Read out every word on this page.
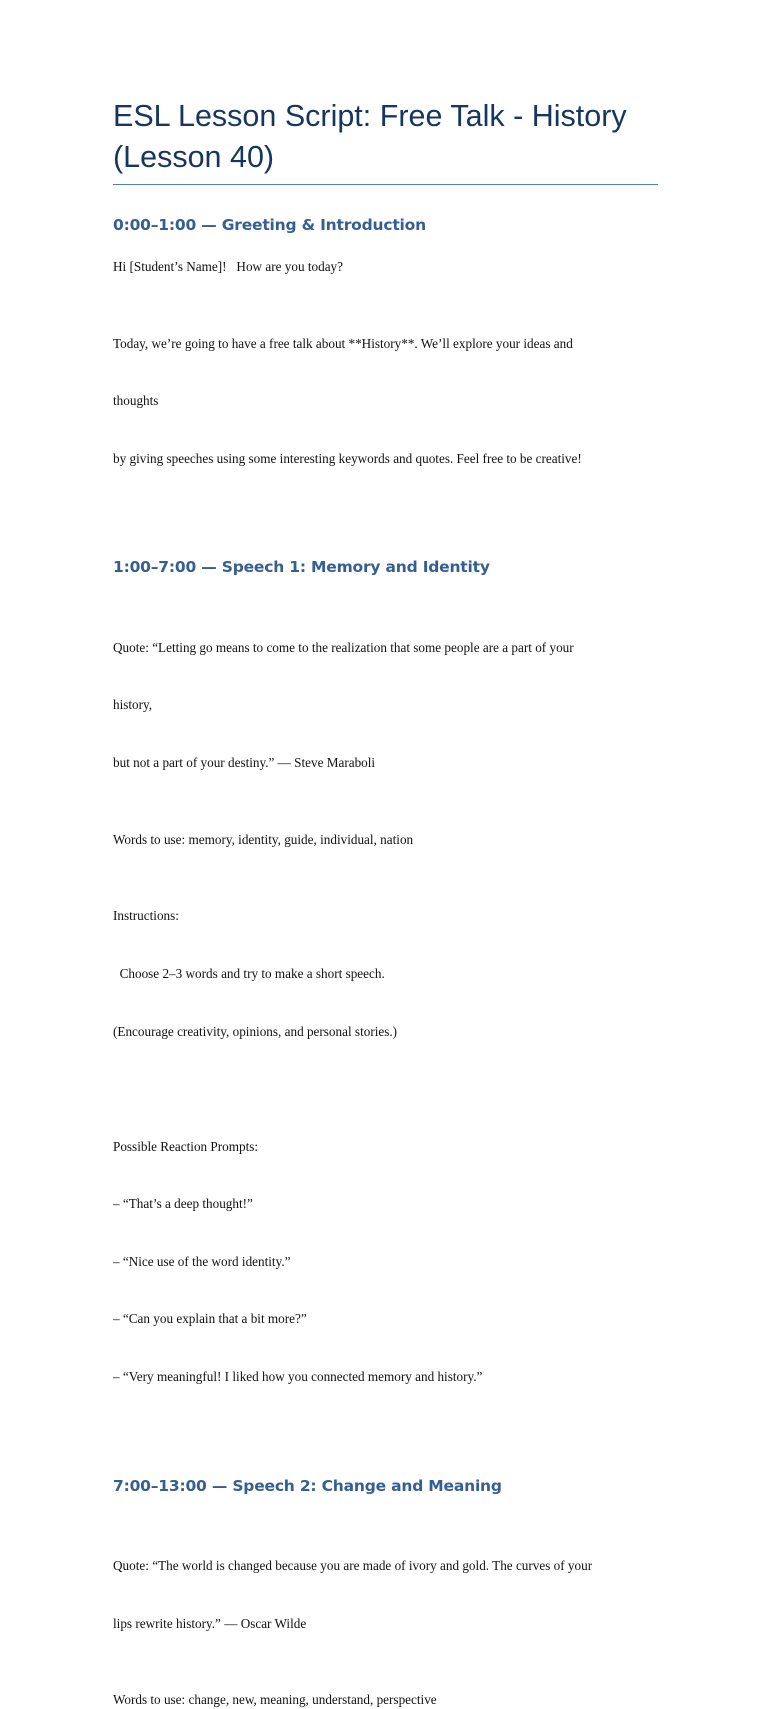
ESL Lesson Script: Free Talk - History (Lesson 40)
0:00–1:00 — Greeting & Introduction

Hi [Student’s Name]!   How are you today?

Today, we’re going to have a free talk about **History**. We’ll explore your ideas and

thoughts

by giving speeches using some interesting keywords and quotes. Feel free to be creative!

1:00–7:00 — Speech 1: Memory and Identity

Quote: “Letting go means to come to the realization that some people are a part of your

history,

but not a part of your destiny.” — Steve Maraboli

Words to use: memory, identity, guide, individual, nation

Instructions:

Choose 2–3 words and try to make a short speech.

(Encourage creativity, opinions, and personal stories.)

Possible Reaction Prompts:

– “That’s a deep thought!”

– “Nice use of the word identity.”

– “Can you explain that a bit more?”

– “Very meaningful! I liked how you connected memory and history.”

7:00–13:00 — Speech 2: Change and Meaning

Quote: “The world is changed because you are made of ivory and gold. The curves of your

lips rewrite history.” — Oscar Wilde

Words to use: change, new, meaning, understand, perspective
